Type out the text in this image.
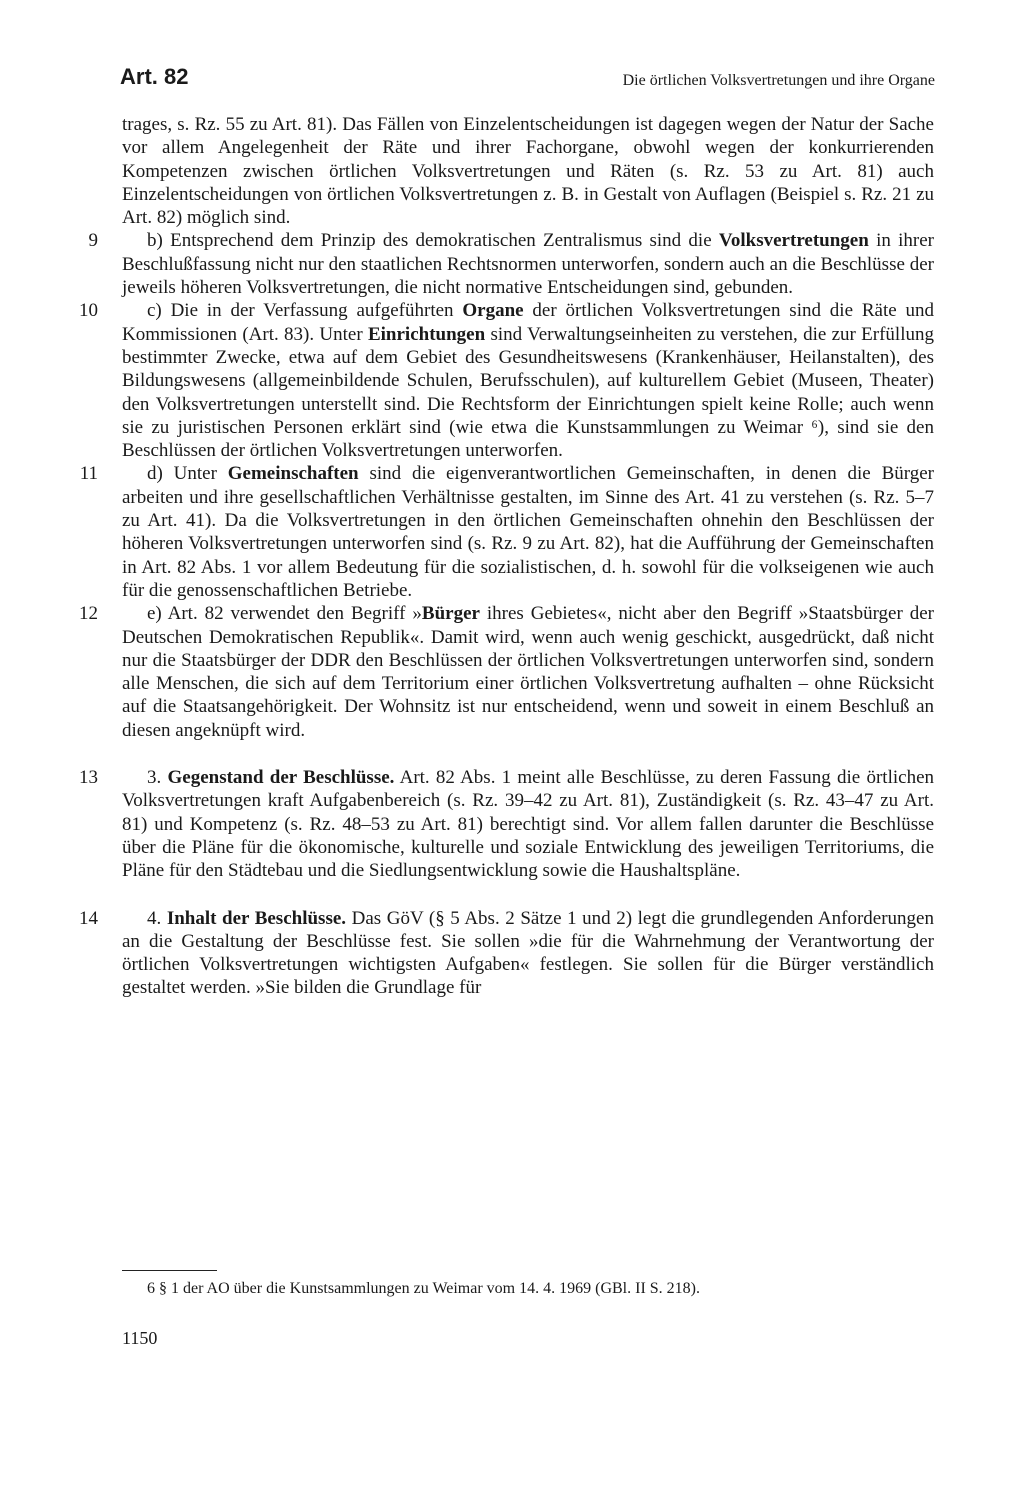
Art. 82	Die örtlichen Volksvertretungen und ihre Organe

trages, s. Rz. 55 zu Art. 81). Das Fällen von Einzelentscheidungen ist dagegen wegen der Natur der Sache vor allem Angelegenheit der Räte und ihrer Fachorgane, obwohl wegen der konkurrierenden Kompetenzen zwischen örtlichen Volksvertretungen und Räten (s. Rz. 53 zu Art. 81) auch Einzelentscheidungen von örtlichen Volksvertretungen z. B. in Gestalt von Auflagen (Beispiel s. Rz. 21 zu Art. 82) möglich sind.

9	b) Entsprechend dem Prinzip des demokratischen Zentralismus sind die Volksvertretungen in ihrer Beschlußfassung nicht nur den staatlichen Rechtsnormen unterworfen, sondern auch an die Beschlüsse der jeweils höheren Volksvertretungen, die nicht normative Entscheidungen sind, gebunden.

10	c) Die in der Verfassung aufgeführten Organe der örtlichen Volksvertretungen sind die Räte und Kommissionen (Art. 83). Unter Einrichtungen sind Verwaltungseinheiten zu verstehen, die zur Erfüllung bestimmter Zwecke, etwa auf dem Gebiet des Gesundheitswesens (Krankenhäuser, Heilanstalten), des Bildungswesens (allgemeinbildende Schulen, Berufsschulen), auf kulturellem Gebiet (Museen, Theater) den Volksvertretungen unterstellt sind. Die Rechtsform der Einrichtungen spielt keine Rolle; auch wenn sie zu juristischen Personen erklärt sind (wie etwa die Kunstsammlungen zu Weimar ⁶), sind sie den Beschlüssen der örtlichen Volksvertretungen unterworfen.

11	d) Unter Gemeinschaften sind die eigenverantwortlichen Gemeinschaften, in denen die Bürger arbeiten und ihre gesellschaftlichen Verhältnisse gestalten, im Sinne des Art. 41 zu verstehen (s. Rz. 5–7 zu Art. 41). Da die Volksvertretungen in den örtlichen Gemeinschaften ohnehin den Beschlüssen der höheren Volksvertretungen unterworfen sind (s. Rz. 9 zu Art. 82), hat die Aufführung der Gemeinschaften in Art. 82 Abs. 1 vor allem Bedeutung für die sozialistischen, d. h. sowohl für die volkseigenen wie auch für die genossenschaftlichen Betriebe.

12	e) Art. 82 verwendet den Begriff »Bürger ihres Gebietes«, nicht aber den Begriff »Staatsbürger der Deutschen Demokratischen Republik«. Damit wird, wenn auch wenig geschickt, ausgedrückt, daß nicht nur die Staatsbürger der DDR den Beschlüssen der örtlichen Volksvertretungen unterworfen sind, sondern alle Menschen, die sich auf dem Territorium einer örtlichen Volksvertretung aufhalten – ohne Rücksicht auf die Staatsangehörigkeit. Der Wohnsitz ist nur entscheidend, wenn und soweit in einem Beschluß an diesen angeknüpft wird.

13	3. Gegenstand der Beschlüsse. Art. 82 Abs. 1 meint alle Beschlüsse, zu deren Fassung die örtlichen Volksvertretungen kraft Aufgabenbereich (s. Rz. 39–42 zu Art. 81), Zuständigkeit (s. Rz. 43–47 zu Art. 81) und Kompetenz (s. Rz. 48–53 zu Art. 81) berechtigt sind. Vor allem fallen darunter die Beschlüsse über die Pläne für die ökonomische, kulturelle und soziale Entwicklung des jeweiligen Territoriums, die Pläne für den Städtebau und die Siedlungsentwicklung sowie die Haushaltspläne.

14	4. Inhalt der Beschlüsse. Das GöV (§ 5 Abs. 2 Sätze 1 und 2) legt die grundlegenden Anforderungen an die Gestaltung der Beschlüsse fest. Sie sollen »die für die Wahrnehmung der Verantwortung der örtlichen Volksvertretungen wichtigsten Aufgaben« festlegen. Sie sollen für die Bürger verständlich gestaltet werden. »Sie bilden die Grundlage für

6 § 1 der AO über die Kunstsammlungen zu Weimar vom 14. 4. 1969 (GBl. II S. 218).
1150
